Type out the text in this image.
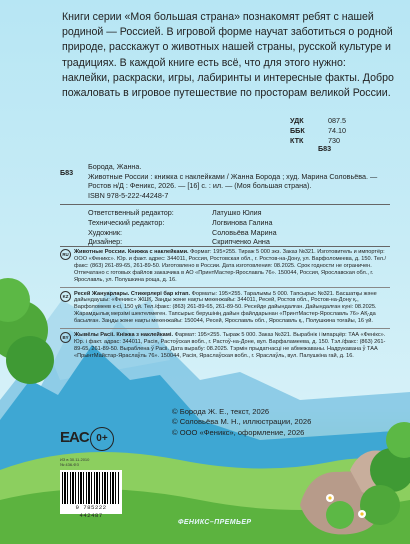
Книги серии «Моя большая страна» познакомят ребят с нашей родиной — Россией. В игровой форме научат заботиться о родной природе, расскажут о животных нашей страны, русской культуре и традициях. В каждой книге есть всё, что для этого нужно: наклейки, раскраски, игры, лабиринты и интересные факты. Добро пожаловать в игровое путешествие по просторам великой России.
УДК	087.5
ББК	74.10
КТК	730
Б83
Б83
Борода, Жанна.
Животные России : книжка с наклейками / Жанна Борода ; худ. Марина Соловьёва. — Ростов н/Д : Феникс, 2026. — [16] с. : ил. — (Моя большая страна).
ISBN 978-5-222-44248-7
Ответственный редактор:	Латушко Юлия
Технический редактор:	Логвинова Галина
Художник:	Соловьёва Марина
Дизайнер:	Скрипченко Анна
RU Животные России. Книжка с наклейками. Формат: 195×255. Тираж 5 000 экз. Заказ №321. Изготовитель и импортёр: ООО «Феникс». Юр. и факт. адрес: 344011, Россия, Ростовская обл., г. Ростов-на-Дону, ул. Варфоломеева, д. 150. Тел./факс: (863) 261-89-65, 261-89-50. Изготовлено в России. Дата изготовления: 08.2025. Срок годности не ограничен. Отпечатано с готовых файлов заказчика в АО «ПринтМастер-Ярославль 76». 150044, Россия, Ярославская обл., г. Ярославль, ул. Полушкина роща, д. 16.
KZ Ресей Жануарлары. Стикерлері бар кітап. Форматы: 195×255. Таралымы 5 000. Тапсырыс №321. Басшатқы және дайындаушы: «Феникс» ЖШҚ. Заңды және нақты мекенжайы: 344011, Ресей, Ростов обл., Ростов-на-Дону қ., Варфоломеев к-сі, 150 үй. Тел./факс: (863) 261-89-65, 261-89-50. Ресейде дайындалған. Дайындалған күні: 08.2025. Жарамдылық мерзімі шектелмеген. Тапсырыс берушінің дайын файлдарынан «ПринтМастер-Ярославль 76» АҚ-да басылған. Заңды және нақты мекенжайы: 150044, Ресей, Ярославль обл., Ярославль қ., Полушкина тоғайы, 16 үй.
BY Жывёлы Расіі. Кніжка з наклейкамі. Фармат: 195×255. Тыраж 5 000. Заказ №321. Вырабнік і імпарцёр: ТАА «Фенікс». Юр. і факт. адрас: 344011, Расія, Растоўская вобл., г. Растоў-на-Доне, вул. Варфаламеева, д. 150. Тэл./факс: (863) 261-89-65, 261-89-50. Выраблена ў Расіі. Дата вырабу: 08.2025. Тэрмін прыдатнасці не абмежаваны. Надрукавана ў ТАА «ПрынтМайстар-Яраслаўль 76». 150044, Расія, Яраслаўская вобл., г. Яраслаўль, вул. Палушкіна гай, д. 16.
© Борода Ж. Е., текст, 2026
© Соловьёва М. Н., иллюстрации, 2026
© ООО «Феникс», оформление, 2026
EAC 0+
ИЗ в 30.11.2010
№ 436-ФЗ
9 785222 442487
ФЕНИКС–ПРЕМЬЕР
